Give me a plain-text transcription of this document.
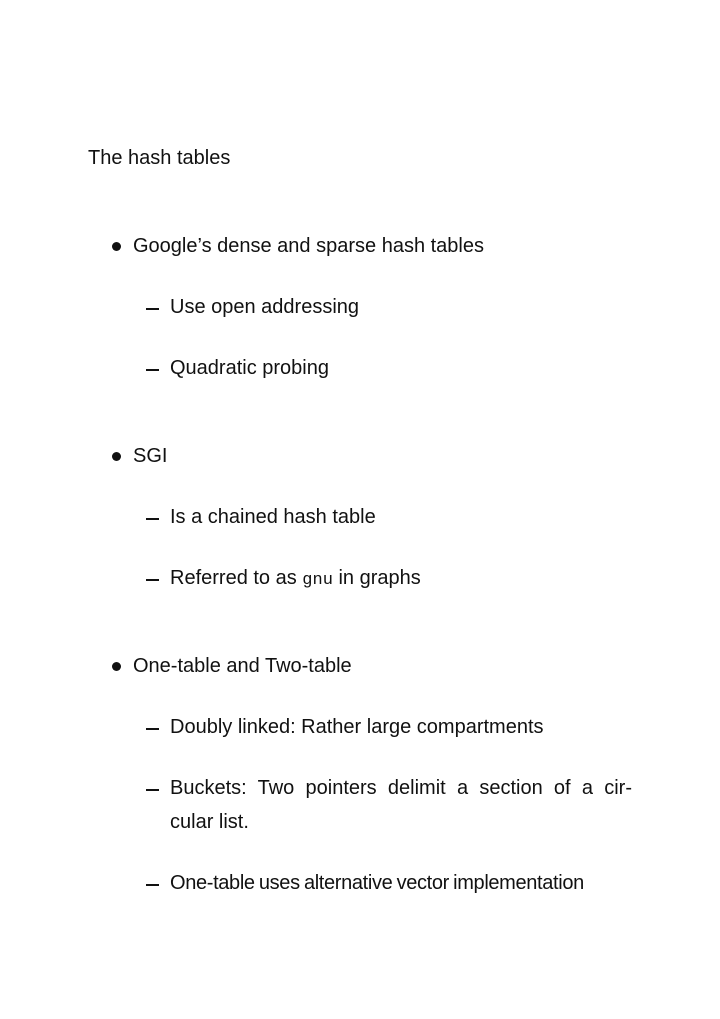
The hash tables
Google’s dense and sparse hash tables
Use open addressing
Quadratic probing
SGI
Is a chained hash table
Referred to as gnu in graphs
One-table and Two-table
Doubly linked: Rather large compartments
Buckets: Two pointers delimit a section of a cir-
cular list.
One-table uses alternative vector implementation
